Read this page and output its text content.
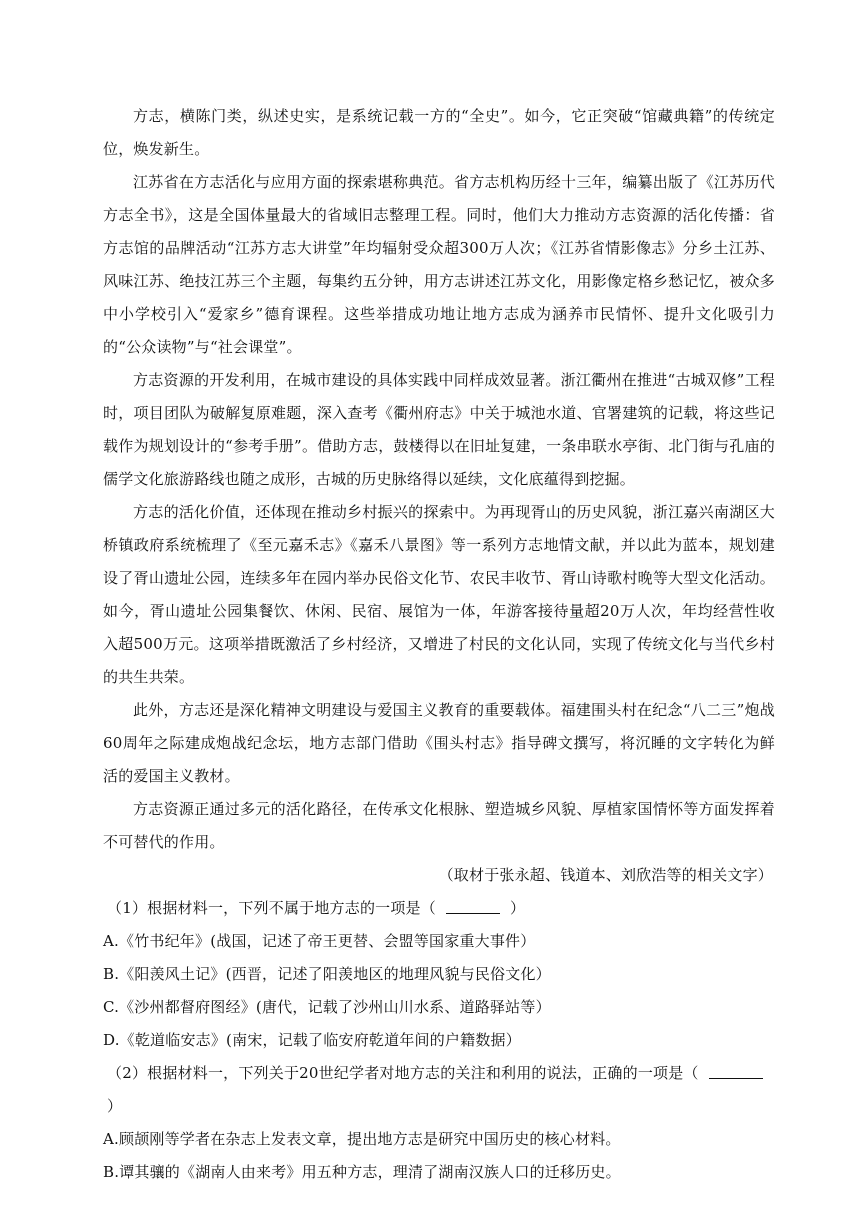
方志，横陈门类，纵述史实，是系统记载一方的“全史”。如今，它正突破“馆藏典籍”的传统定位，焕发新生。

江苏省在方志活化与应用方面的探索堪称典范。省方志机构历经十三年，编纂出版了《江苏历代方志全书》，这是全国体量最大的省域旧志整理工程。同时，他们大力推动方志资源的活化传播：省方志馆的品牌活动“江苏方志大讲堂”年均辐射受众超300万人次；《江苏省情影像志》分乡土江苏、风味江苏、绝技江苏三个主题，每集约五分钟，用方志讲述江苏文化，用影像定格乡愁记忆，被众多中小学校引入“爱家乡”德育课程。这些举措成功地让地方志成为涵养市民情怀、提升文化吸引力的“公众读物”与“社会课堂”。

方志资源的开发利用，在城市建设的具体实践中同样成效显著。浙江衢州在推进“古城双修”工程时，项目团队为破解复原难题，深入查考《衢州府志》中关于城池水道、官署建筑的记载，将这些记载作为规划设计的“参考手册”。借助方志，鼓楼得以在旧址复建，一条串联水亭街、北门街与孔庙的儒学文化旅游路线也随之成形，古城的历史脉络得以延续，文化底蕴得到挖掘。

方志的活化价值，还体现在推动乡村振兴的探索中。为再现胥山的历史风貌，浙江嘉兴南湖区大桥镇政府系统梳理了《至元嘉禾志》《嘉禾八景图》等一系列方志地情文献，并以此为蓝本，规划建设了胥山遗址公园，连续多年在园内举办民俗文化节、农民丰收节、胥山诗歌村晚等大型文化活动。如今，胥山遗址公园集餐饮、休闲、民宿、展馆为一体，年游客接待量超20万人次，年均经营性收入超500万元。这项举措既激活了乡村经济，又增进了村民的文化认同，实现了传统文化与当代乡村的共生共荣。

此外，方志还是深化精神文明建设与爱国主义教育的重要载体。福建围头村在纪念“八二三”炮战60周年之际建成炮战纪念坛，地方志部门借助《围头村志》指导碑文撰写，将沉睡的文字转化为鲜活的爱国主义教材。

方志资源正通过多元的活化路径，在传承文化根脉、塑造城乡风貌、厚植家国情怀等方面发挥着不可替代的作用。

（取材于张永超、钱道本、刘欣浩等的相关文字）

（1）根据材料一，下列不属于地方志的一项是（	）

A.《竹书纪年》(战国，记述了帝王更替、会盟等国家重大事件）

B.《阳羡风土记》(西晋，记述了阳羡地区的地理风貌与民俗文化）

C.《沙州都督府图经》(唐代，记载了沙州山川水系、道路驿站等）

D.《乾道临安志》(南宋，记载了临安府乾道年间的户籍数据）

（2）根据材料一，下列关于20世纪学者对地方志的关注和利用的说法，正确的一项是（）

A.顾颉刚等学者在杂志上发表文章，提出地方志是研究中国历史的核心材料。

B.谭其骧的《湖南人由来考》用五种方志，理清了湖南汉族人口的迁移历史。
